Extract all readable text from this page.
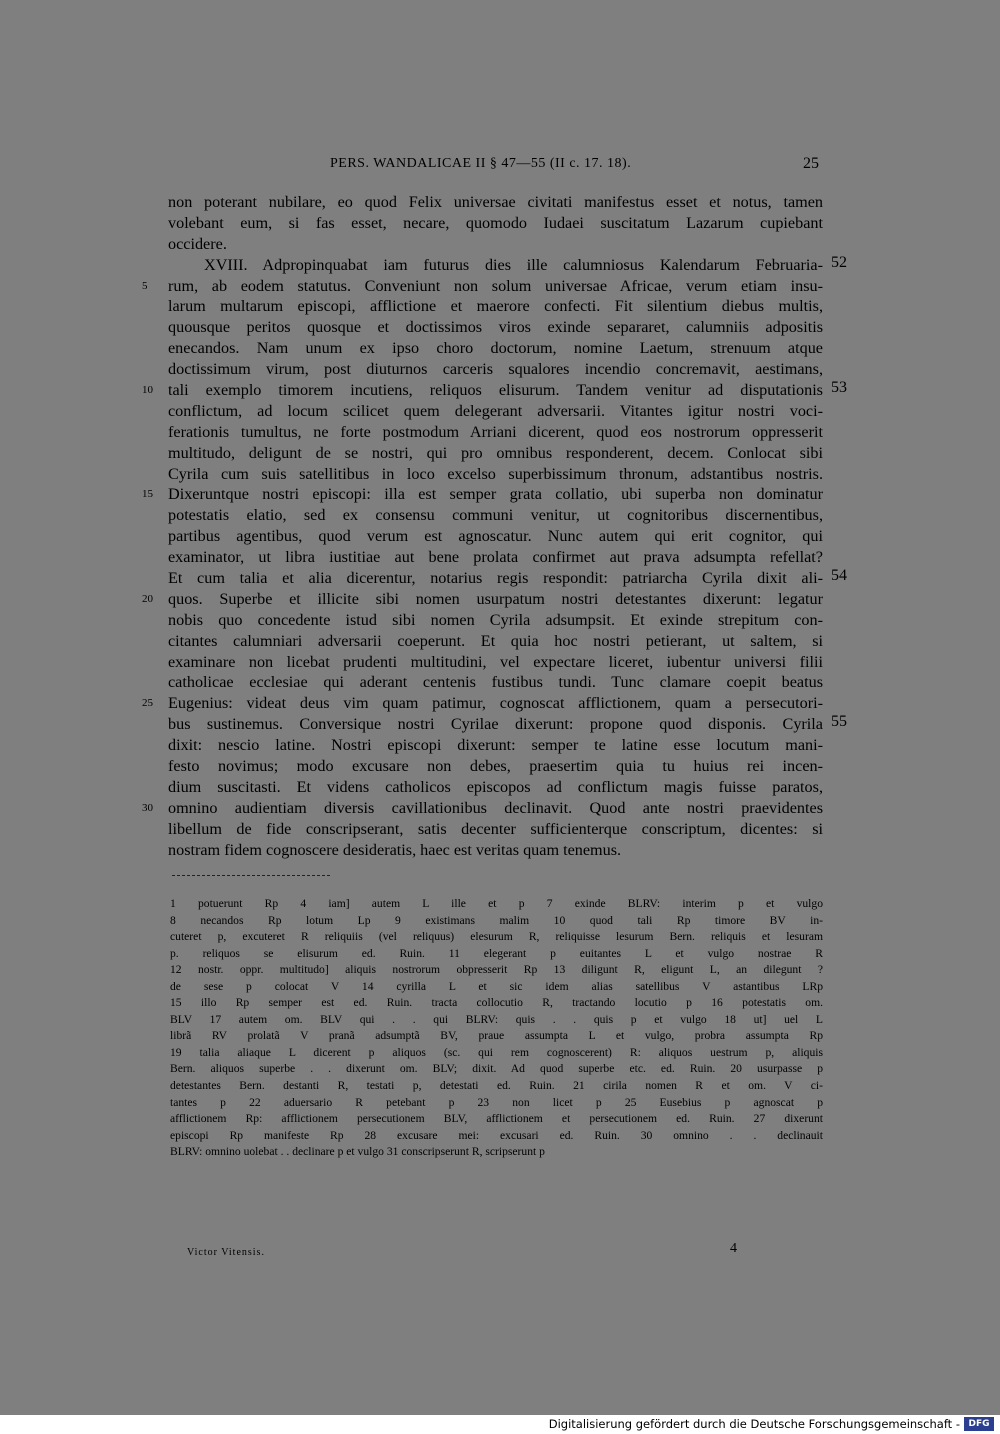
PERS. WANDALICAE II § 47—55 (II c. 17. 18).	25
non poterant nubilare, eo quod Felix universae civitati manifestus esset et notus, tamen
volebant eum, si fas esset, necare, quomodo Iudaei suscitatum Lazarum cupiebant
occidere.
XVIII. Adpropinquabat iam futurus dies ille calumniosus Kalendarum Februaria- 52
rum, ab eodem statutus. Conveniunt non solum universae Africae, verum etiam insu-
5
larum multarum episcopi, afflictione et maerore confecti. Fit silentium diebus multis,
quousque peritos quosque et doctissimos viros exinde separaret, calumniis adpositis
enecandos. Nam unum ex ipso choro doctorum, nomine Laetum, strenuum atque
doctissimum virum, post diuturnos carceris squalores incendio concremavit, aestimans,
tali exemplo timorem incutiens, reliquos elisurum. Tandem venitur ad disputationis
10	53
conflictum, ad locum scilicet quem delegerant adversarii. Vitantes igitur nostri voci-
ferationis tumultus, ne forte postmodum Arriani dicerent, quod eos nostrorum oppresserit
multitudo, deligunt de se nostri, qui pro omnibus responderent, decem. Conlocat sibi
Cyrila cum suis satellitibus in loco excelso superbissimum thronum, adstantibus nostris.
Dixeruntque nostri episcopi: illa est semper grata collatio, ubi superba non dominatur
15
potestatis elatio, sed ex consensu communi venitur, ut cognitoribus discernentibus,
partibus agentibus, quod verum est agnoscatur. Nunc autem qui erit cognitor, qui
examinator, ut libra iustitiae aut bene prolata confirmet aut prava adsumpta refellat?
Et cum talia et alia dicerentur, notarius regis respondit: patriarcha Cyrila dixit ali- 54
quos. Superbe et illicite sibi nomen usurpatum nostri detestantes dixerunt: legatur
20
nobis quo concedente istud sibi nomen Cyrila adsumpsit. Et exinde strepitum con-
citantes calumniari adversarii coeperunt. Et quia hoc nostri petierant, ut saltem, si
examinare non licebat prudenti multitudini, vel expectare liceret, iubentur universi filii
catholicae ecclesiae qui aderant centenis fustibus tundi. Tunc clamare coepit beatus
Eugenius: videat deus vim quam patimur, cognoscat afflictionem, quam a persecutori-
25
bus sustinemus. Conversique nostri Cyrilae dixerunt: propone quod disponis. Cyrila 55
dixit: nescio latine. Nostri episcopi dixerunt: semper te latine esse locutum mani-
festo novimus; modo excusare non debes, praesertim quia tu huius rei incen-
dium suscitasti. Et videns catholicos episcopos ad conflictum magis fuisse paratos,
omnino audientiam diversis cavillationibus declinavit. Quod ante nostri praevidentes
30
libellum de fide conscripserant, satis decenter sufficienterque conscriptum, dicentes: si
nostram fidem cognoscere desideratis, haec est veritas quam tenemus.
1 potuerunt Rp 4 iam] autem L ille et p 7 exinde BLRV: interim p et vulgo
8 necandos Rp lotum Lp 9 existimans malim 10 quod tali Rp timore BV in-
cuteret p, excuteret R reliquiis (vel reliquus) elesurum R, reliquisse lesurum Bern. reliquis et lesuram
p. reliquos se elisurum ed. Ruin. 11 elegerant p euitantes L et vulgo nostrae R
12 nostr. oppr. multitudo] aliquis nostrorum obpresserit Rp 13 diligunt R, eligunt L, an dilegunt ?
de sese p colocat V 14 cyrilla L et sic idem alias satellibus V astantibus LRp
15 illo Rp semper est ed. Ruin. tracta collocutio R, tractando locutio p 16 potestatis om.
BLV 17 autem om. BLV qui . . qui BLRV: quis . . quis p et vulgo 18 ut] uel L
librã RV prolatã V pranã adsumptã BV, praue assumpta L et vulgo, probra assumpta Rp
19 talia aliaque L dicerent p aliquos (sc. qui rem cognoscerent) R: aliquos uestrum p, aliquis
Bern. aliquos superbe . . dixerunt om. BLV; dixit. Ad quod superbe etc. ed. Ruin. 20 usurpasse p
detestantes Bern. destanti R, testati p, detestati ed. Ruin. 21 cirila nomen R et om. V ci-
tantes p 22 aduersario R petebant p 23 non licet p 25 Eusebius p agnoscat p
afflictionem Rp: afflictionem persecutionem BLV, afflictionem et persecutionem ed. Ruin. 27 dixerunt
episcopi Rp manifeste Rp 28 excusare mei: excusari ed. Ruin. 30 omnino . . declinauit
BLRV: omnino uolebat . . declinare p et vulgo 31 conscripserunt R, scripserunt p
Victor Vitensis.	4
Digitalisierung gefördert durch die Deutsche Forschungsgemeinschaft - DFG
